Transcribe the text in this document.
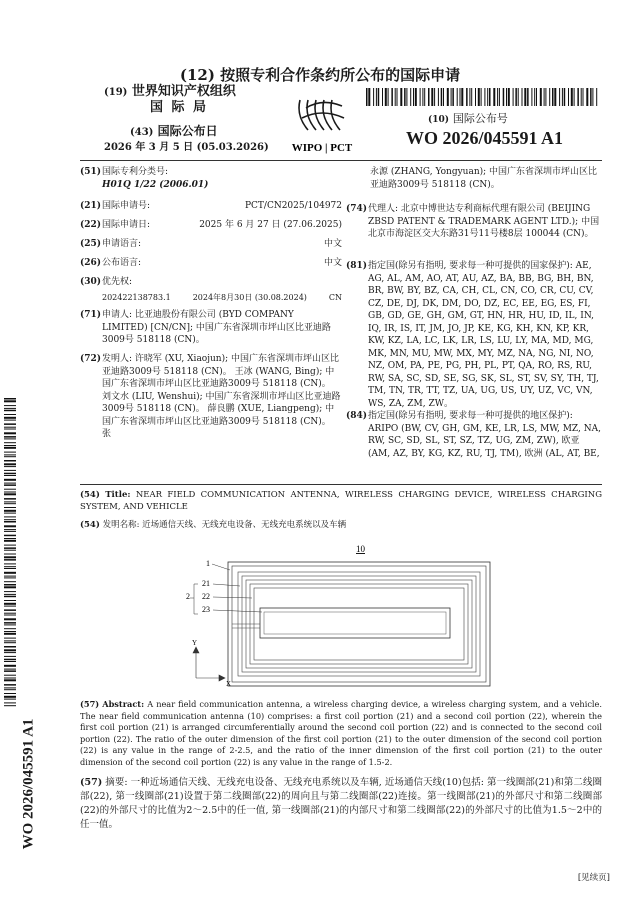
(12) 按照专利合作条约所公布的国际申请
(19) 世界知识产权组织
国 际 局
(43) 国际公布日
2026 年 3 月 5 日 (05.03.2026) WIPO | PCT
(10) 国际公布号
WO 2026/045591 A1
(51) 国际专利分类号:
H01Q 1/22 (2006.01)
(21) 国际申请号:	PCT/CN2025/104972
(22) 国际申请日:	2025 年 6 月 27 日 (27.06.2025)
(25) 申请语言:	中文
(26) 公布语言:	中文
(30) 优先权:
202422138783.1	2024年8月30日 (30.08.2024)	CN
(71) 申请人: 比亚迪股份有限公司 (BYD COMPANY LIMITED) [CN/CN]; 中国广东省深圳市坪山区比亚迪路3009号 518118 (CN)。
(72) 发明人: 许晓军 (XU, Xiaojun); 中国广东省深圳市坪山区比亚迪路3009号 518118 (CN)。 王冰 (WANG, Bing); 中国广东省深圳市坪山区比亚迪路3009号 518118 (CN)。 刘文水 (LIU, Wenshui); 中国广东省深圳市坪山区比亚迪路3009号 518118 (CN)。 薛良鹏 (XUE, Liangpeng); 中国广东省深圳市坪山区比亚迪路3009号 518118 (CN)。 张
永源 (ZHANG, Yongyuan); 中国广东省深圳市坪山区比亚迪路3009号 518118 (CN)。
(74) 代理人: 北京中博世达专利商标代理有限公司 (BEIJING ZBSD PATENT & TRADEMARK AGENT LTD.); 中国北京市海淀区交大东路31号11号楼8层 100044 (CN)。
(81) 指定国(除另有指明, 要求每一种可提供的国家保护): AE, AG, AL, AM, AO, AT, AU, AZ, BA, BB, BG, BH, BN, BR, BW, BY, BZ, CA, CH, CL, CN, CO, CR, CU, CV, CZ, DE, DJ, DK, DM, DO, DZ, EC, EE, EG, ES, FI, GB, GD, GE, GH, GM, GT, HN, HR, HU, ID, IL, IN, IQ, IR, IS, IT, JM, JO, JP, KE, KG, KH, KN, KP, KR, KW, KZ, LA, LC, LK, LR, LS, LU, LY, MA, MD, MG, MK, MN, MU, MW, MX, MY, MZ, NA, NG, NI, NO, NZ, OM, PA, PE, PG, PH, PL, PT, QA, RO, RS, RU, RW, SA, SC, SD, SE, SG, SK, SL, ST, SV, SY, TH, TJ, TM, TN, TR, TT, TZ, UA, UG, US, UY, UZ, VC, VN, WS, ZA, ZM, ZW。
(84) 指定国(除另有指明, 要求每一种可提供的地区保护): ARIPO (BW, CV, GH, GM, KE, LR, LS, MW, MZ, NA, RW, SC, SD, SL, ST, SZ, TZ, UG, ZM, ZW), 欧亚 (AM, AZ, BY, KG, KZ, RU, TJ, TM), 欧洲 (AL, AT, BE,
(54) Title: NEAR FIELD COMMUNICATION ANTENNA, WIRELESS CHARGING DEVICE, WIRELESS CHARGING SYSTEM, AND VEHICLE
(54) 发明名称: 近场通信天线、无线充电设备、无线充电系统以及车辆
10
1
21
22
23
2
Y
X
(57) Abstract: A near field communication antenna, a wireless charging device, a wireless charging system, and a vehicle. The near field communication antenna (10) comprises: a first coil portion (21) and a second coil portion (22), wherein the first coil portion (21) is arranged circumferentially around the second coil portion (22) and is connected to the second coil portion (22). The ratio of the outer dimension of the first coil portion (21) to the outer dimension of the second coil portion (22) is any value in the range of 2-2.5, and the ratio of the inner dimension of the first coil portion (21) to the outer dimension of the second coil portion (22) is any value in the range of 1.5-2.
(57) 摘要: 一种近场通信天线、无线充电设备、无线充电系统以及车辆, 近场通信天线(10)包括: 第一线圈部(21)和第二线圈部(22), 第一线圈部(21)设置于第二线圈部(22)的周向且与第二线圈部(22)连接。第一线圈部(21)的外部尺寸和第二线圈部(22)的外部尺寸的比值为2～2.5中的任一值, 第一线圈部(21)的内部尺寸和第二线圈部(22)的外部尺寸的比值为1.5～2中的任一值。
WO 2026/045591 A1
[见续页]
